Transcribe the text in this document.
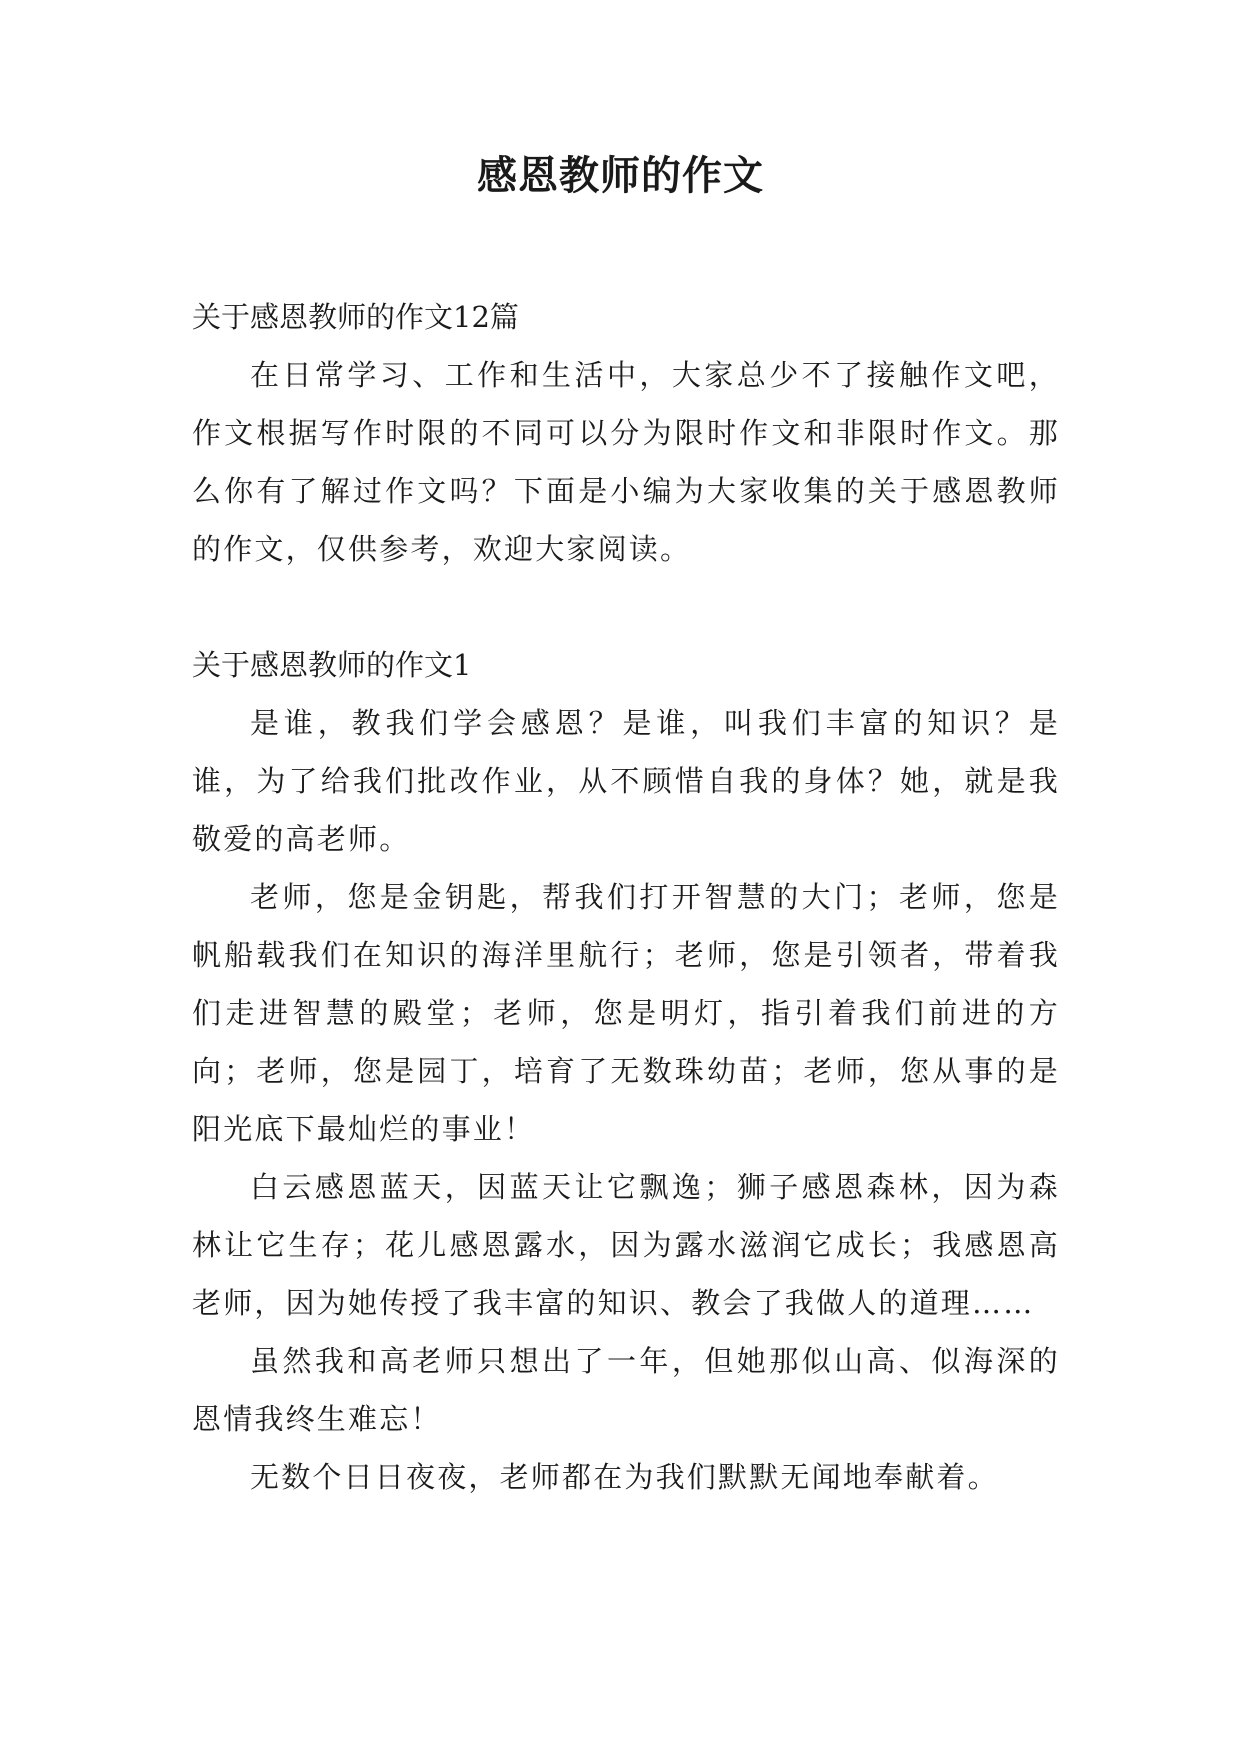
感恩教师的作文

关于感恩教师的作文12篇

在日常学习、工作和生活中，大家总少不了接触作文吧，作文根据写作时限的不同可以分为限时作文和非限时作文。那么你有了解过作文吗？下面是小编为大家收集的关于感恩教师的作文，仅供参考，欢迎大家阅读。

关于感恩教师的作文1

是谁，教我们学会感恩？是谁，叫我们丰富的知识？是谁，为了给我们批改作业，从不顾惜自我的身体？她，就是我敬爱的高老师。

老师，您是金钥匙，帮我们打开智慧的大门；老师，您是帆船载我们在知识的海洋里航行；老师，您是引领者，带着我们走进智慧的殿堂；老师，您是明灯，指引着我们前进的方向；老师，您是园丁，培育了无数珠幼苗；老师，您从事的是阳光底下最灿烂的事业！

白云感恩蓝天，因蓝天让它飘逸；狮子感恩森林，因为森林让它生存；花儿感恩露水，因为露水滋润它成长；我感恩高老师，因为她传授了我丰富的知识、教会了我做人的道理……

虽然我和高老师只想出了一年，但她那似山高、似海深的恩情我终生难忘！

无数个日日夜夜，老师都在为我们默默无闻地奉献着。
